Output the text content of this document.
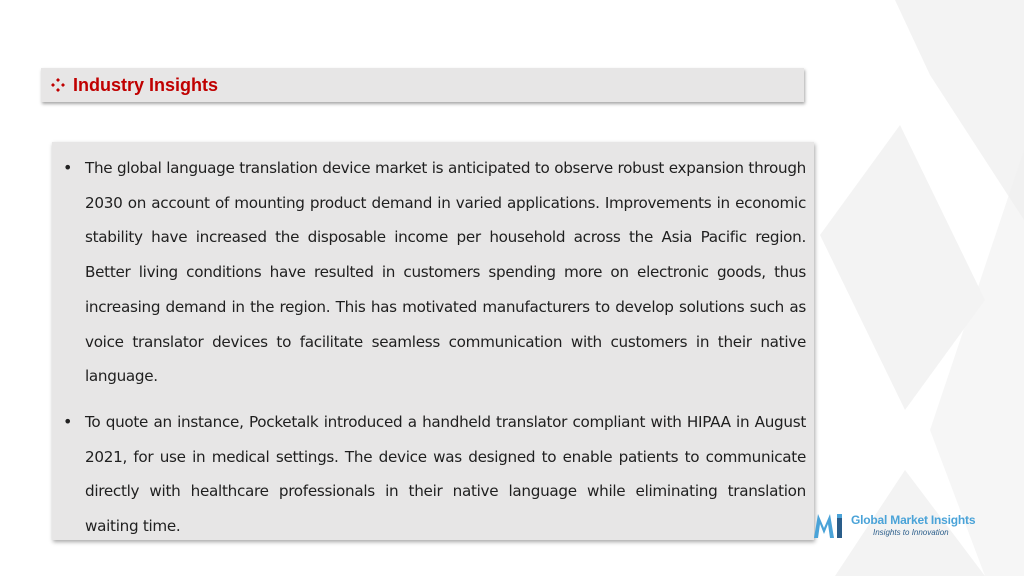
Industry Insights
• The global language translation device market is anticipated to observe robust expansion through 2030 on account of mounting product demand in varied applications. Improvements in economic stability have increased the disposable income per household across the Asia Pacific region. Better living conditions have resulted in customers spending more on electronic goods, thus increasing demand in the region. This has motivated manufacturers to develop solutions such as voice translator devices to facilitate seamless communication with customers in their native language.
• To quote an instance, Pocketalk introduced a handheld translator compliant with HIPAA in August 2021, for use in medical settings. The device was designed to enable patients to communicate directly with healthcare professionals in their native language while eliminating translation waiting time.	Global Market Insights
Insights to Innovation
